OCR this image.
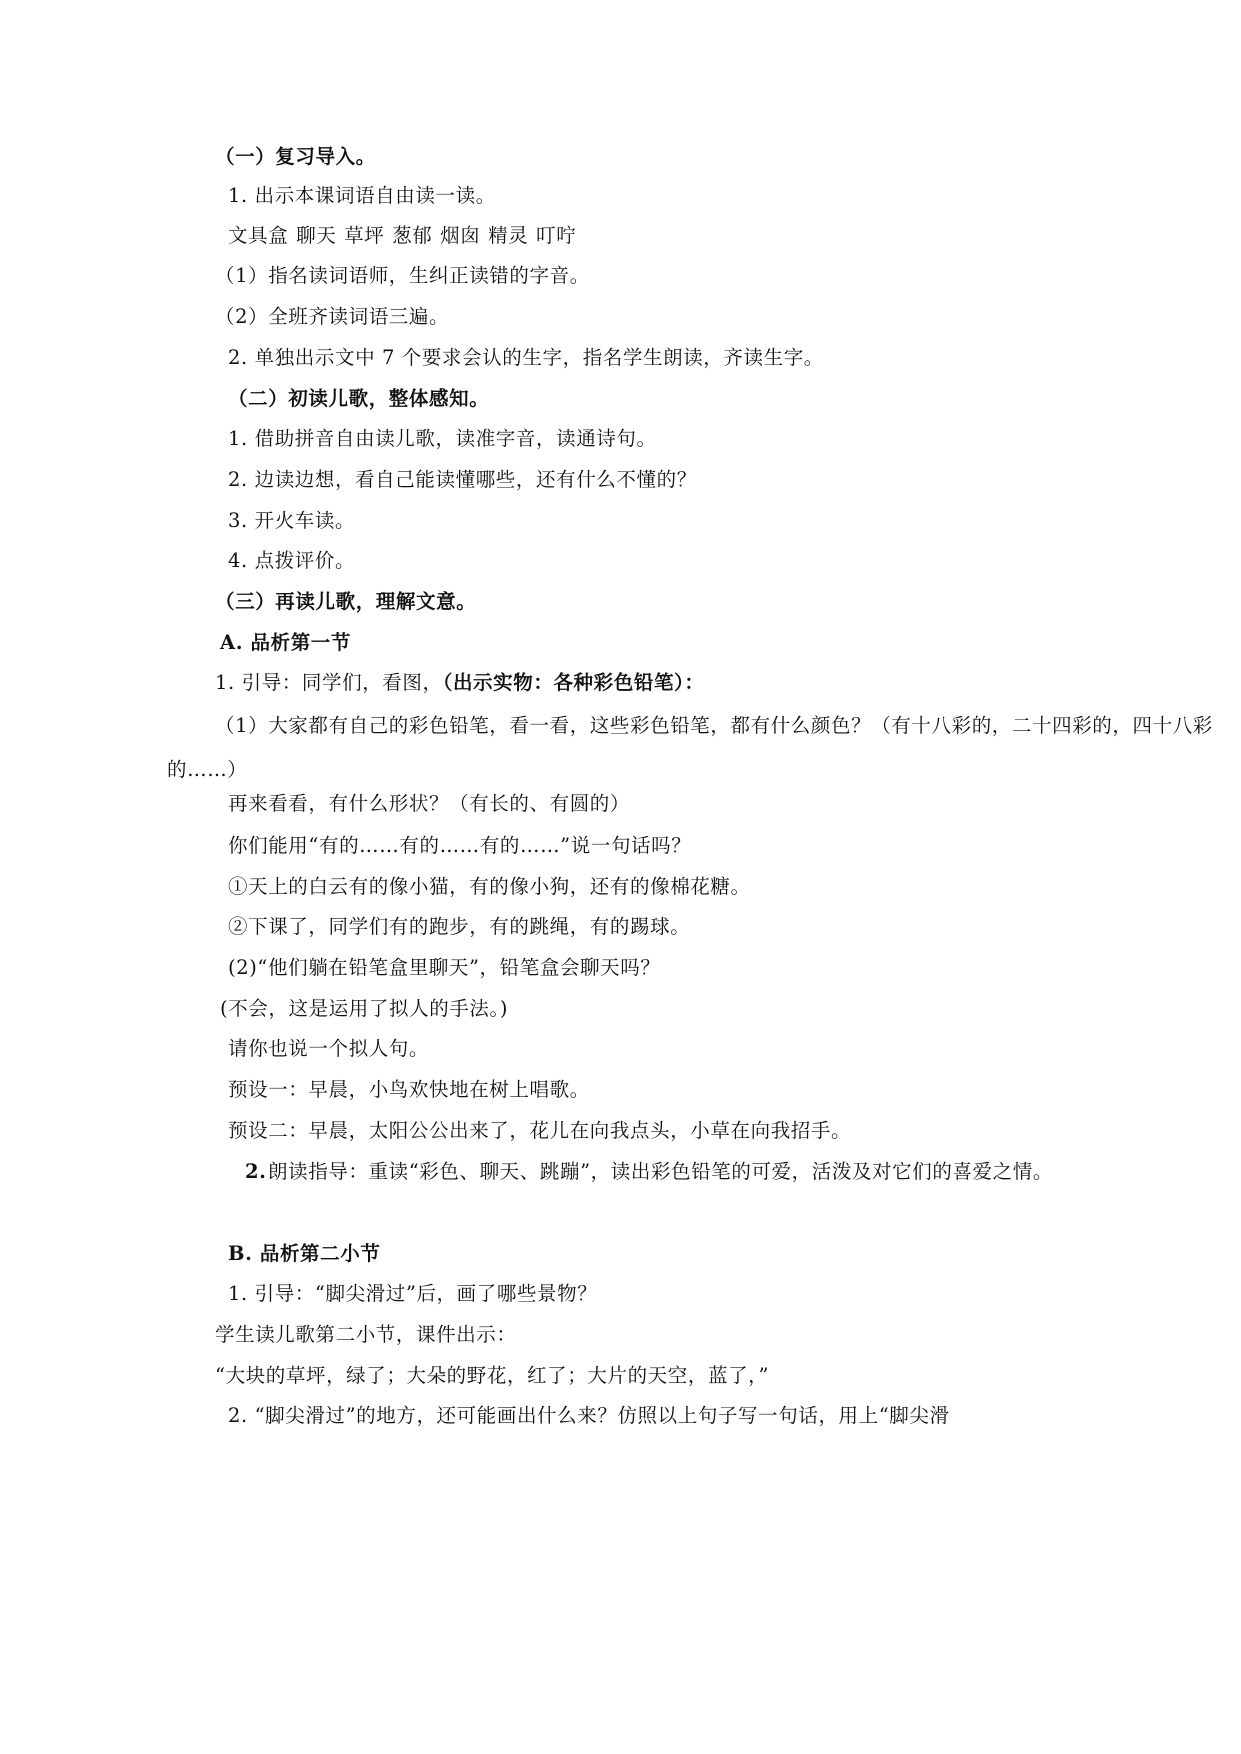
（一）复习导入。
1. 出示本课词语自由读一读。
文具盒 聊天 草坪 葱郁 烟囱 精灵 叮咛
（1）指名读词语师，生纠正读错的字音。
（2）全班齐读词语三遍。
2. 单独出示文中 7 个要求会认的生字，指名学生朗读，齐读生字。
（二）初读儿歌，整体感知。
1. 借助拼音自由读儿歌，读准字音，读通诗句。
2. 边读边想，看自己能读懂哪些，还有什么不懂的？
3. 开火车读。
4. 点拨评价。
（三）再读儿歌，理解文意。
A. 品析第一节
1. 引导：同学们，看图，（出示实物：各种彩色铅笔）：
（1）大家都有自己的彩色铅笔，看一看，这些彩色铅笔，都有什么颜色？（有十八彩的，二十四彩的，四十八彩的……）
再来看看，有什么形状？（有长的、有圆的）
你们能用“有的……有的……有的……”说一句话吗？
①天上的白云有的像小猫，有的像小狗，还有的像棉花糖。
②下课了，同学们有的跑步，有的跳绳，有的踢球。
(2)“他们躺在铅笔盒里聊天”，铅笔盒会聊天吗？
(不会，这是运用了拟人的手法。)
请你也说一个拟人句。
预设一：早晨，小鸟欢快地在树上唱歌。
预设二：早晨，太阳公公出来了，花儿在向我点头，小草在向我招手。
2. 朗读指导：重读“彩色、聊天、跳蹦”，读出彩色铅笔的可爱，活泼及对它们的喜爱之情。
B. 品析第二小节
1. 引导：“脚尖滑过”后，画了哪些景物？
学生读儿歌第二小节，课件出示：
“大块的草坪，绿了；大朵的野花，红了；大片的天空，蓝了，”
2. “脚尖滑过”的地方，还可能画出什么来？仿照以上句子写一句话，用上“脚尖滑
